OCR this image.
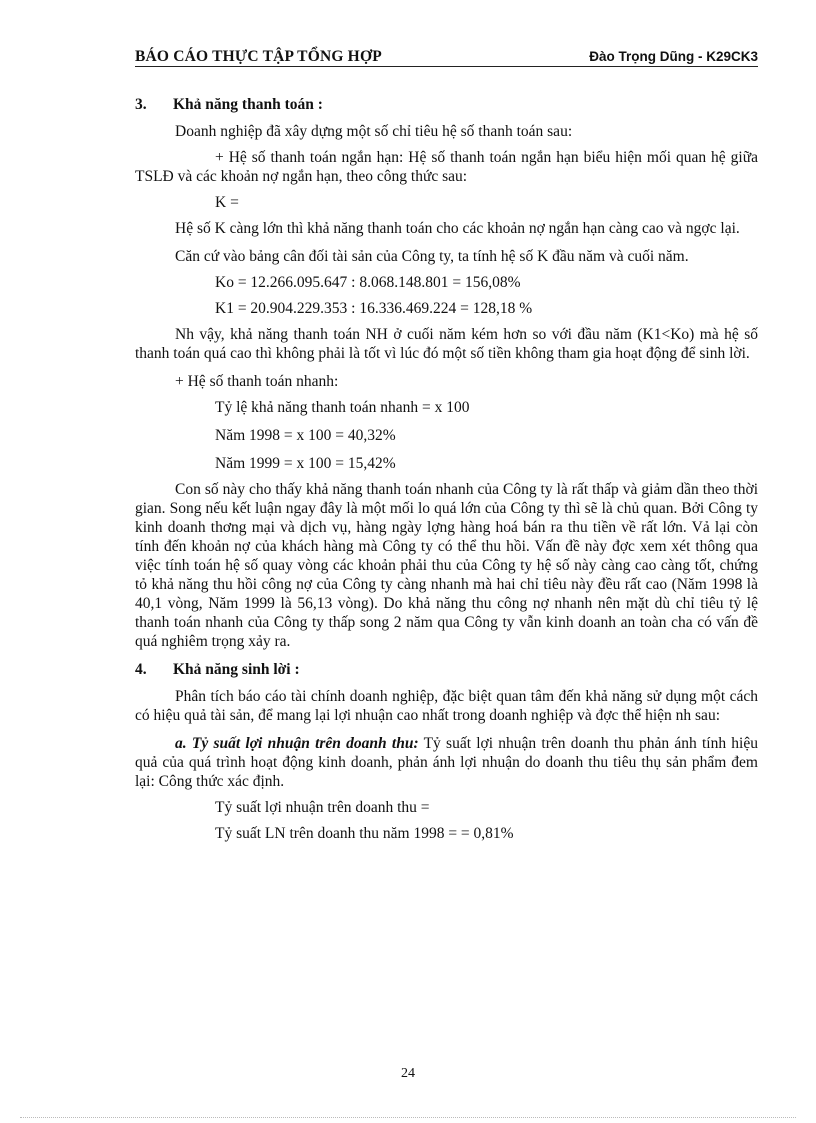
BÁO CÁO THỰC TẬP TỔNG HỢP	Đào Trọng Dũng - K29CK3
3. Khả năng thanh toán :

Doanh nghiệp đã xây dựng một số chỉ tiêu hệ số thanh toán sau:

+ Hệ số thanh toán ngắn hạn: Hệ số thanh toán ngắn hạn biểu hiện mối quan hệ giữa TSLĐ và các khoản nợ ngắn hạn, theo công thức sau:

K =

Hệ số K càng lớn thì khả năng thanh toán cho các khoản nợ ngắn hạn càng cao và ngợc lại.

Căn cứ vào bảng cân đối tài sản của Công ty, ta tính hệ số K đầu năm và cuối năm.

Ko = 12.266.095.647 : 8.068.148.801 = 156,08%

K1 = 20.904.229.353 : 16.336.469.224 = 128,18 %

Nh vậy, khả năng thanh toán NH ở cuối năm kém hơn so với đầu năm (K1<Ko) mà hệ số thanh toán quá cao thì không phải là tốt vì lúc đó một số tiền không tham gia hoạt động để sinh lời.

+ Hệ số thanh toán nhanh:

Tỷ lệ khả năng thanh toán nhanh = x 100

Năm 1998 = x 100 = 40,32%

Năm 1999 = x 100 = 15,42%

Con số này cho thấy khả năng thanh toán nhanh của Công ty là rất thấp và giảm dần theo thời gian. Song nếu kết luận ngay đây là một mối lo quá lớn của Công ty thì sẽ là chủ quan. Bởi Công ty kinh doanh thơng mại và dịch vụ, hàng ngày lợng hàng hoá bán ra thu tiền về rất lớn. Vả lại còn tính đến khoản nợ của khách hàng mà Công ty có thể thu hồi. Vấn đề này đợc xem xét thông qua việc tính toán hệ số quay vòng các khoản phải thu của Công ty hệ số này càng cao càng tốt, chứng tỏ khả năng thu hồi công nợ của Công ty càng nhanh mà hai chỉ tiêu này đều rất cao (Năm 1998 là 40,1 vòng, Năm 1999 là 56,13 vòng). Do khả năng thu công nợ nhanh nên mặt dù chỉ tiêu tỷ lệ thanh toán nhanh của Công ty thấp song 2 năm qua Công ty vẫn kinh doanh an toàn cha có vấn đề quá nghiêm trọng xảy ra.

4. Khả năng sinh lời :

Phân tích báo cáo tài chính doanh nghiệp, đặc biệt quan tâm đến khả năng sử dụng một cách có hiệu quả tài sản, để mang lại lợi nhuận cao nhất trong doanh nghiệp và đợc thể hiện nh sau:

a. Tỷ suất lợi nhuận trên doanh thu: Tỷ suất lợi nhuận trên doanh thu phản ánh tính hiệu quả của quá trình hoạt động kinh doanh, phản ánh lợi nhuận do doanh thu tiêu thụ sản phẩm đem lại: Công thức xác định.

Tỷ suất lợi nhuận trên doanh thu =

Tỷ suất LN trên doanh thu năm 1998 = = 0,81%

24
